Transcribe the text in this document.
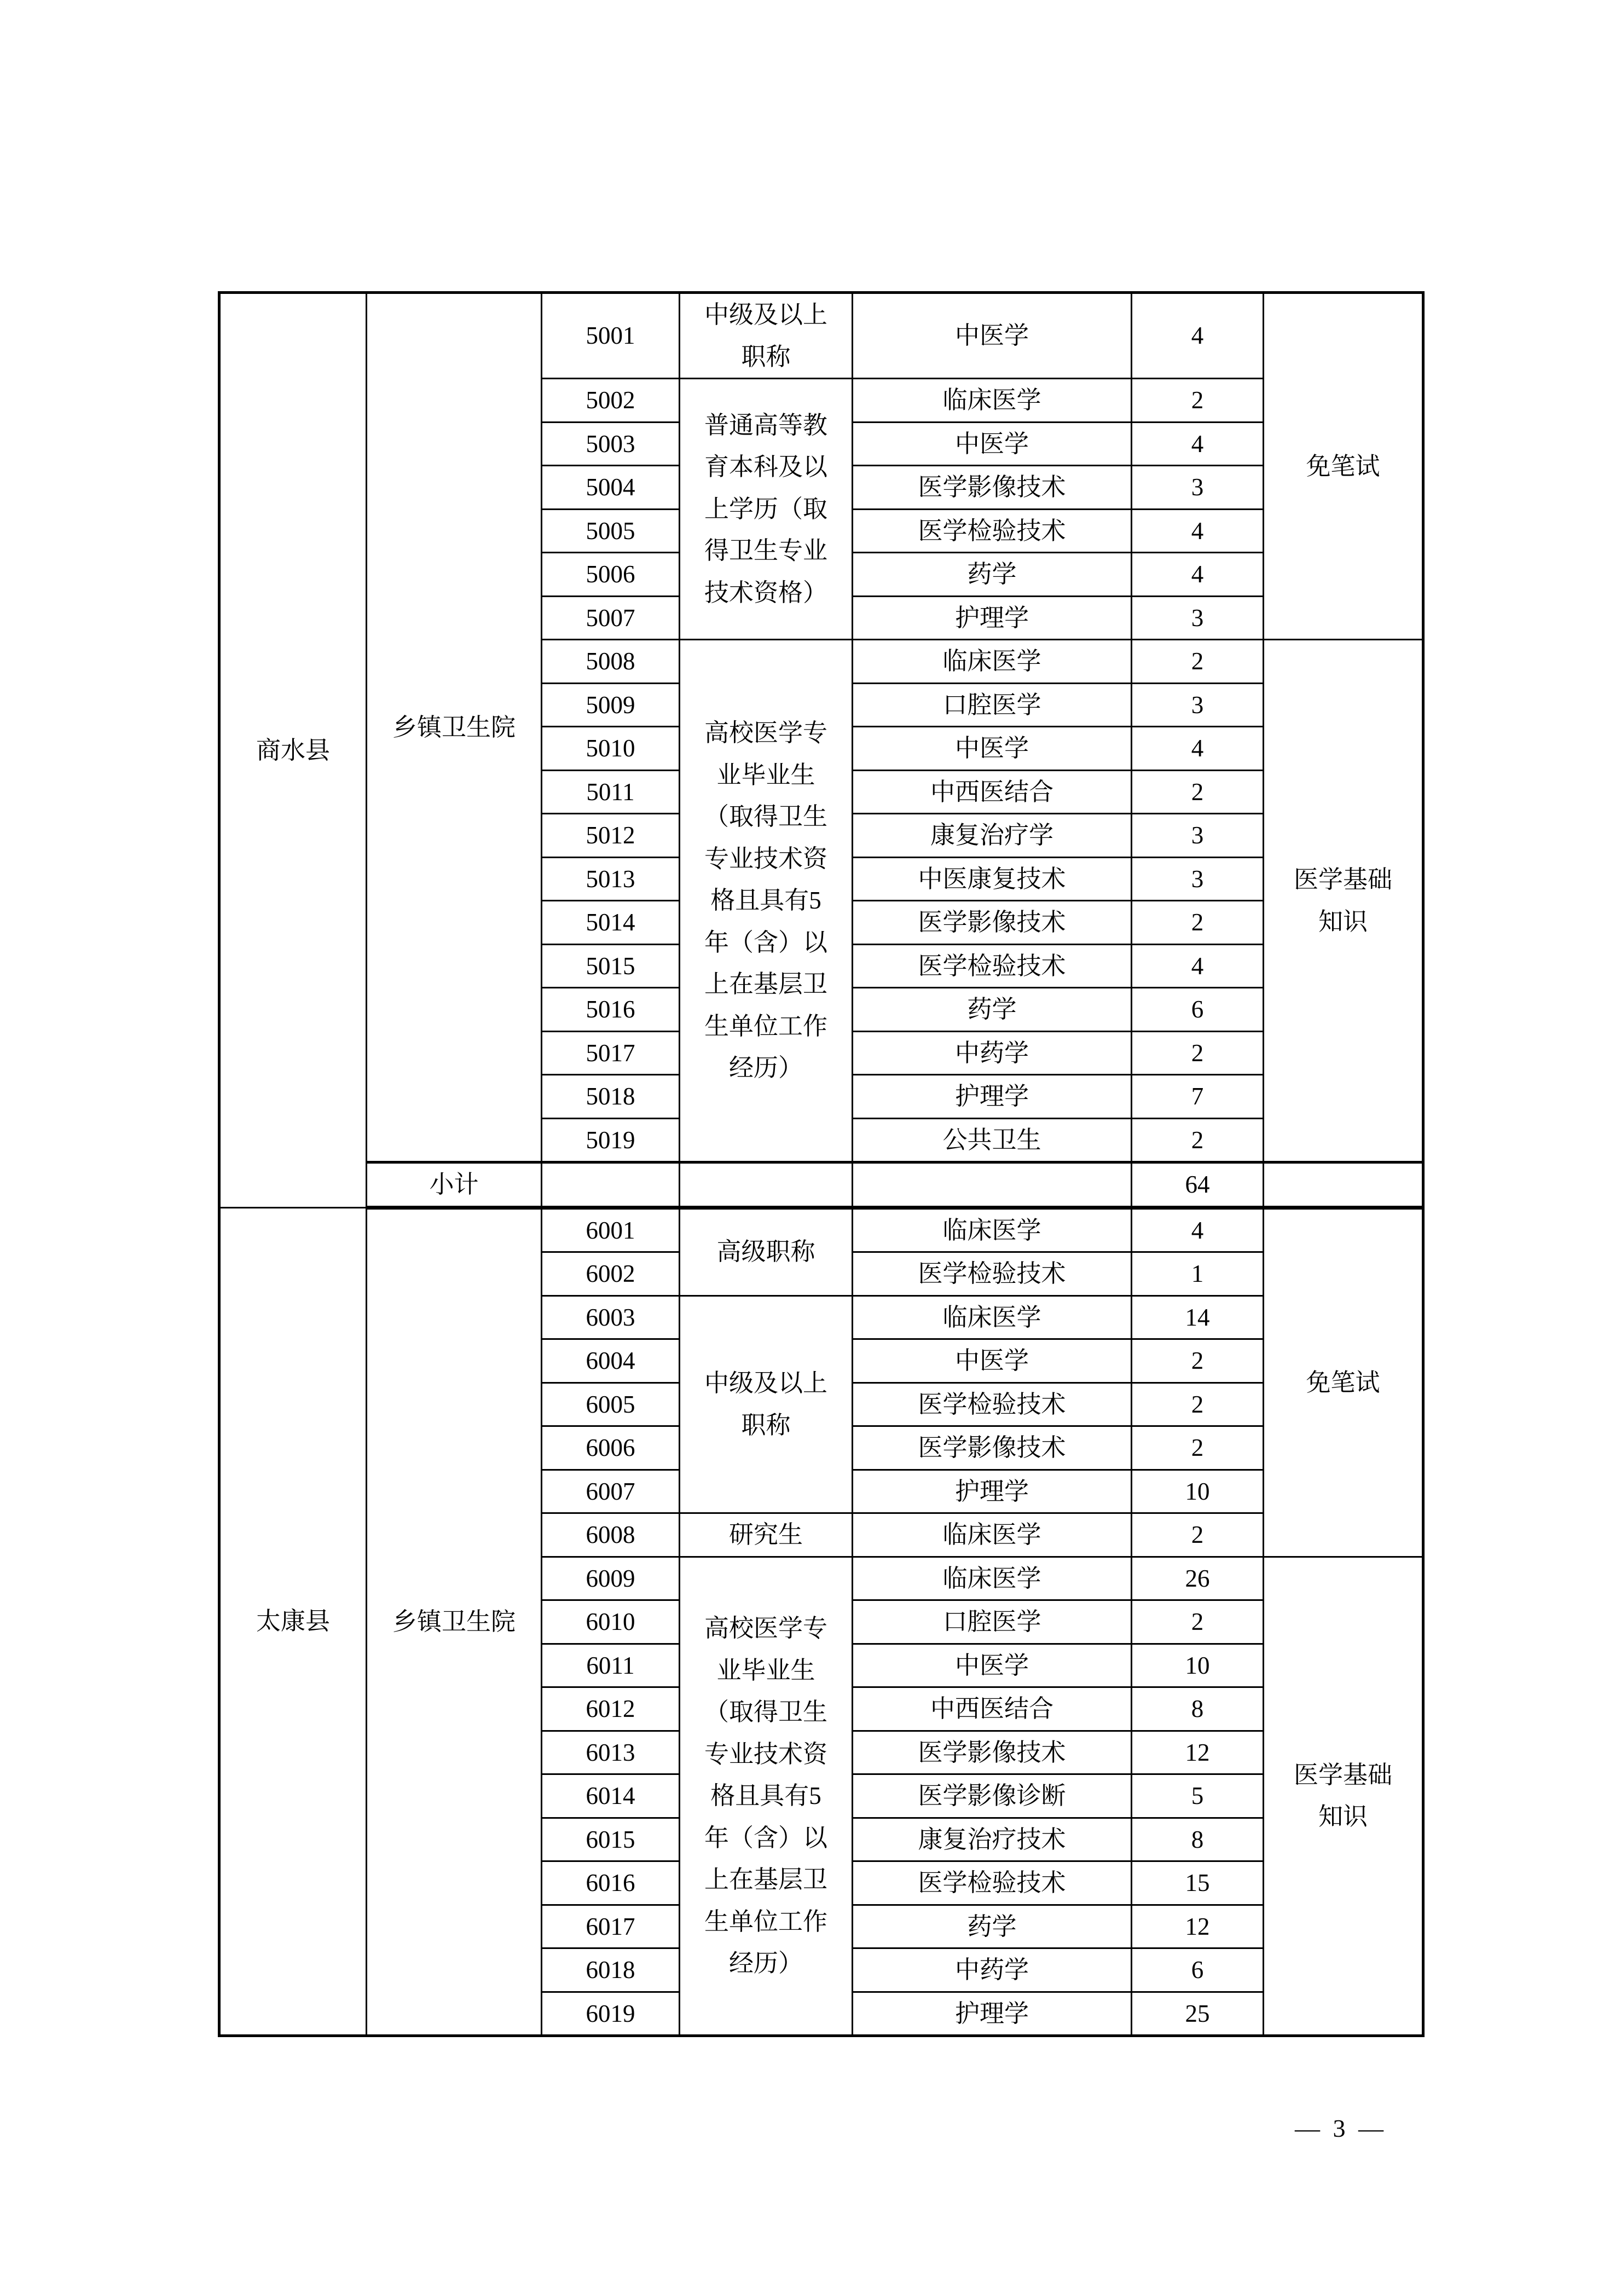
商水县	乡镇卫生院	5001	中级及以上职称	中医学	4	免笔试

		5002	普通高等教育本科及以上学历（取得卫生专业技术资格）	临床医学	2	
		5003		中医学	4	
		5004		医学影像技术	3	
		5005		医学检验技术	4	
		5006		药学	4	
		5007		护理学	3	
		5008	高校医学专业毕业生（取得卫生专业技术资格且具有5年（含）以上在基层卫生单位工作经历）	临床医学	2	医学基础知识

		5009		口腔医学	3	
		5010		中医学	4	
		5011		中西医结合	2	
		5012		康复治疗学	3	
		5013		中医康复技术	3	
		5014		医学影像技术	2	
		5015		医学检验技术	4	
		5016		药学	6	
		5017		中药学	2	
		5018		护理学	7	
		5019		公共卫生	2	
	小计				64	
太康县	乡镇卫生院	6001	高级职称	临床医学	4	免笔试

		6002		医学检验技术	1	
		6003	中级及以上职称	临床医学	14	
		6004		中医学	2	
		6005		医学检验技术	2	
		6006		医学影像技术	2	
		6007		护理学	10	
		6008	研究生	临床医学	2	
		6009	高校医学专业毕业生（取得卫生专业技术资格且具有5年（含）以上在基层卫生单位工作经历）	临床医学	26	医学基础知识

		6010		口腔医学	2	
		6011		中医学	10	
		6012		中西医结合	8	
		6013		医学影像技术	12	
		6014		医学影像诊断	5	
		6015		康复治疗技术	8	
		6016		医学检验技术	15	
		6017		药学	12	
		6018		中药学	6	
		6019		护理学	25	
— 3 —
